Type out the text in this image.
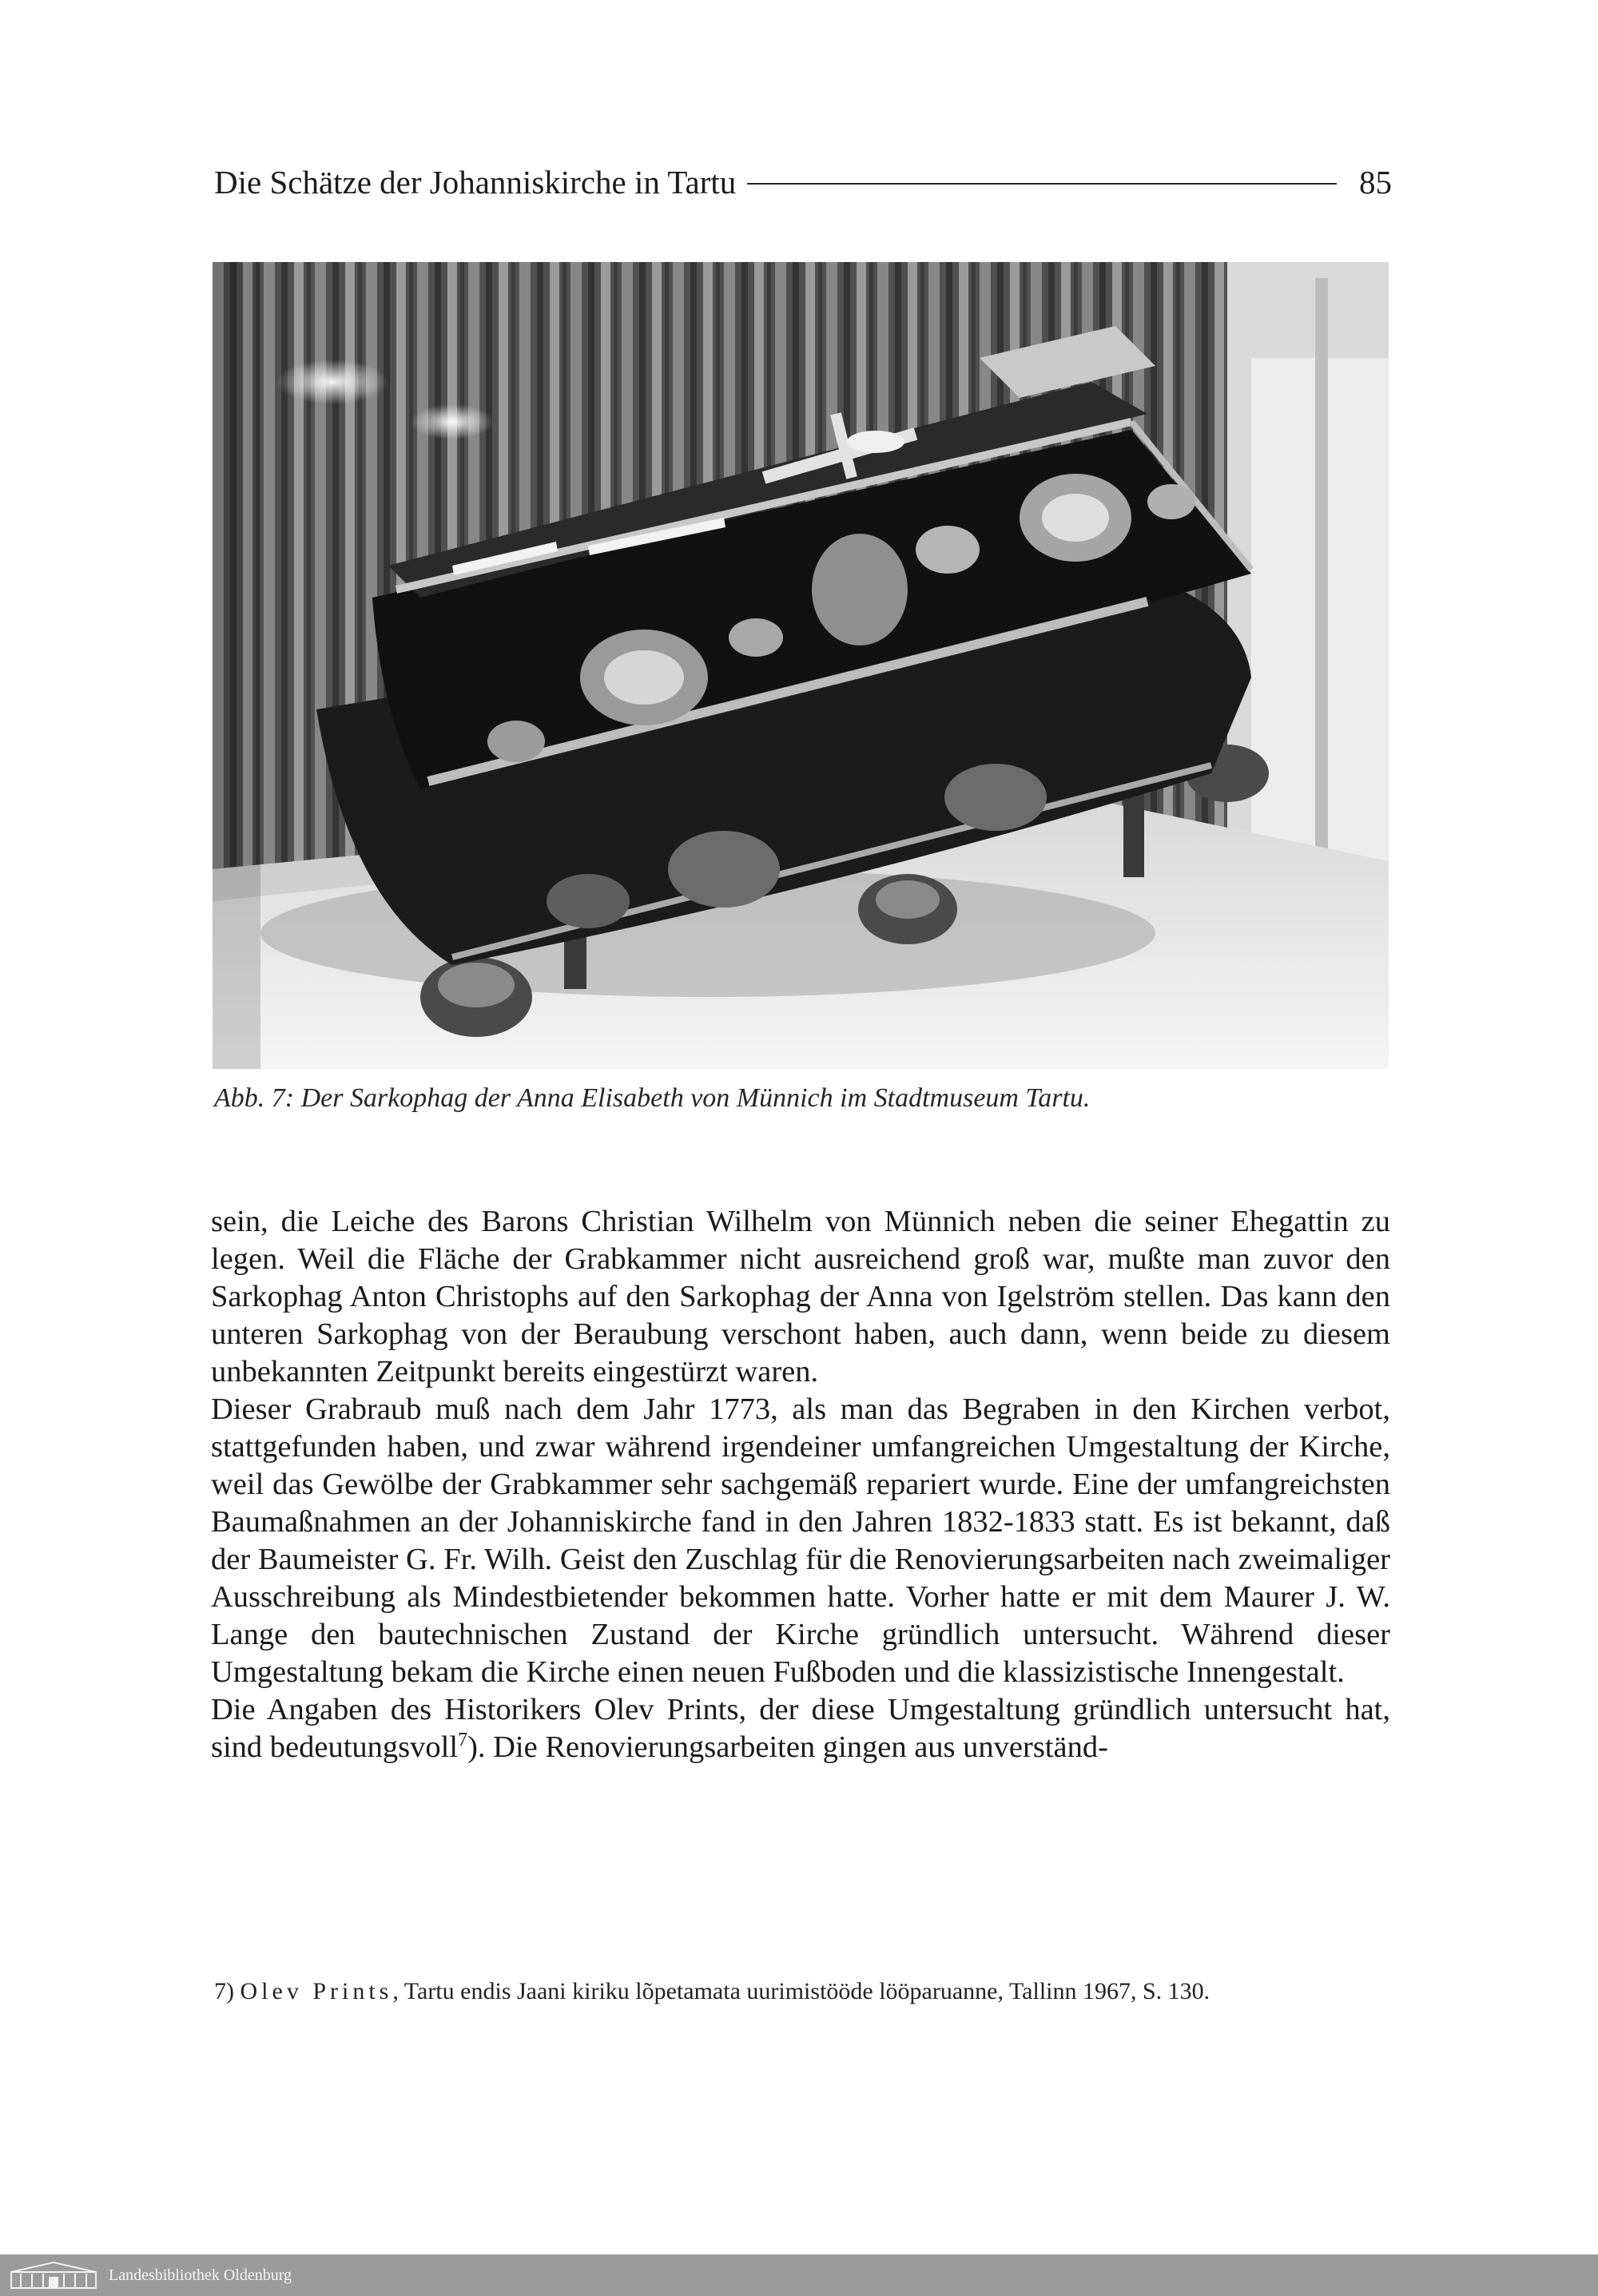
Die Schätze der Johanniskirche in Tartu	85
Abb. 7: Der Sarkophag der Anna Elisabeth von Münnich im Stadtmuseum Tartu.

sein, die Leiche des Barons Christian Wilhelm von Münnich neben die seiner Ehegattin zu legen. Weil die Fläche der Grabkammer nicht ausreichend groß war, mußte man zuvor den Sarkophag Anton Christophs auf den Sarkophag der Anna von Igelström stellen. Das kann den unteren Sarkophag von der Beraubung verschont haben, auch dann, wenn beide zu diesem unbekannten Zeitpunkt bereits eingestürzt waren.

Dieser Grabraub muß nach dem Jahr 1773, als man das Begraben in den Kirchen verbot, stattgefunden haben, und zwar während irgendeiner umfangreichen Umgestaltung der Kirche, weil das Gewölbe der Grabkammer sehr sachgemäß repariert wurde. Eine der umfangreichsten Baumaßnahmen an der Johanniskirche fand in den Jahren 1832-1833 statt. Es ist bekannt, daß der Baumeister G. Fr. Wilh. Geist den Zuschlag für die Renovierungsarbeiten nach zweimaliger Ausschreibung als Mindestbietender bekommen hatte. Vorher hatte er mit dem Maurer J. W. Lange den bautechnischen Zustand der Kirche gründlich untersucht. Während dieser Umgestaltung bekam die Kirche einen neuen Fußboden und die klassizistische Innengestalt.

Die Angaben des Historikers Olev Prints, der diese Umgestaltung gründlich untersucht hat, sind bedeutungsvoll$^7$). Die Renovierungsarbeiten gingen aus unverständ-

7) Olev Prints, Tartu endis Jaani kiriku lõpetamata uurimistööde lööparuanne, Tallinn 1967, S. 130.
Landesbibliothek Oldenburg
